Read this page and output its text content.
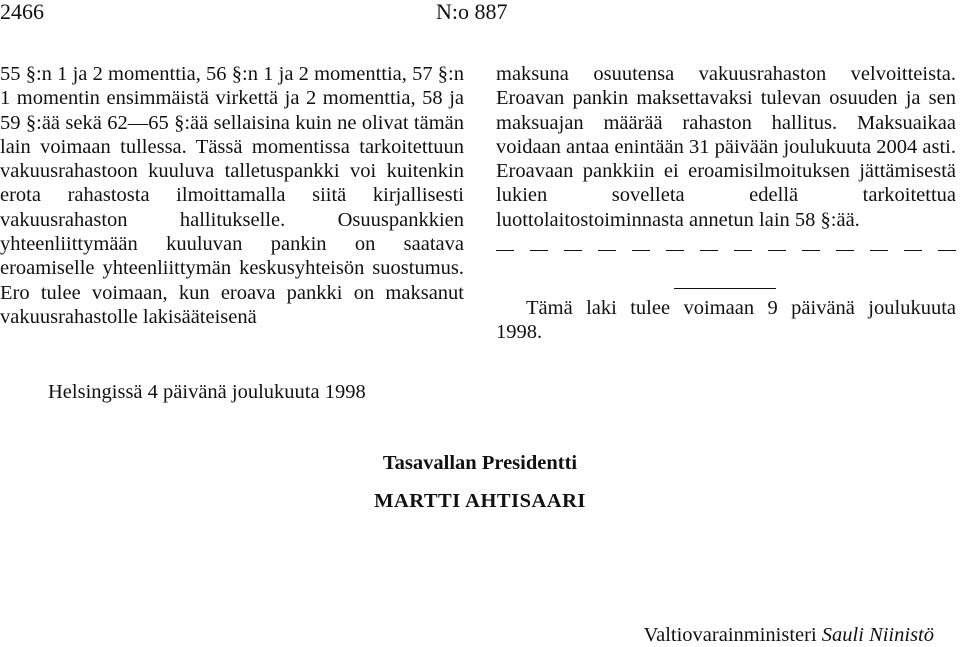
2466	N:o 887

55 §:n 1 ja 2 momenttia, 56 §:n 1 ja 2 momenttia, 57 §:n 1 momentin ensimmäistä virkettä ja 2 momenttia, 58 ja 59 §:ää sekä 62—65 §:ää sellaisina kuin ne olivat tämän lain voimaan tullessa. Tässä momentissa tarkoitettuun vakuusrahastoon kuuluva talletuspankki voi kuitenkin erota rahastosta ilmoittamalla siitä kirjallisesti vakuusrahaston hallitukselle. Osuuspankkien yhteenliittymään kuuluvan pankin on saatava eroamiselle yhteenliittymän keskusyhteisön suostumus. Ero tulee voimaan, kun eroava pankki on maksanut vakuusrahastolle lakisääteisenä

maksuna osuutensa vakuusrahaston velvoitteista. Eroavan pankin maksettavaksi tulevan osuuden ja sen maksuajan määrää rahaston hallitus. Maksuaikaa voidaan antaa enintään 31 päivään joulukuuta 2004 asti. Eroavaan pankkiin ei eroamisilmoituksen jättämisestä lukien sovelleta edellä tarkoitettua luottolaitostoiminnasta annetun lain 58 §:ää.

Tämä laki tulee voimaan 9 päivänä joulukuuta 1998.

Helsingissä 4 päivänä joulukuuta 1998
Tasavallan Presidentti
MARTTI AHTISAARI
Valtiovarainministeri Sauli Niinistö
